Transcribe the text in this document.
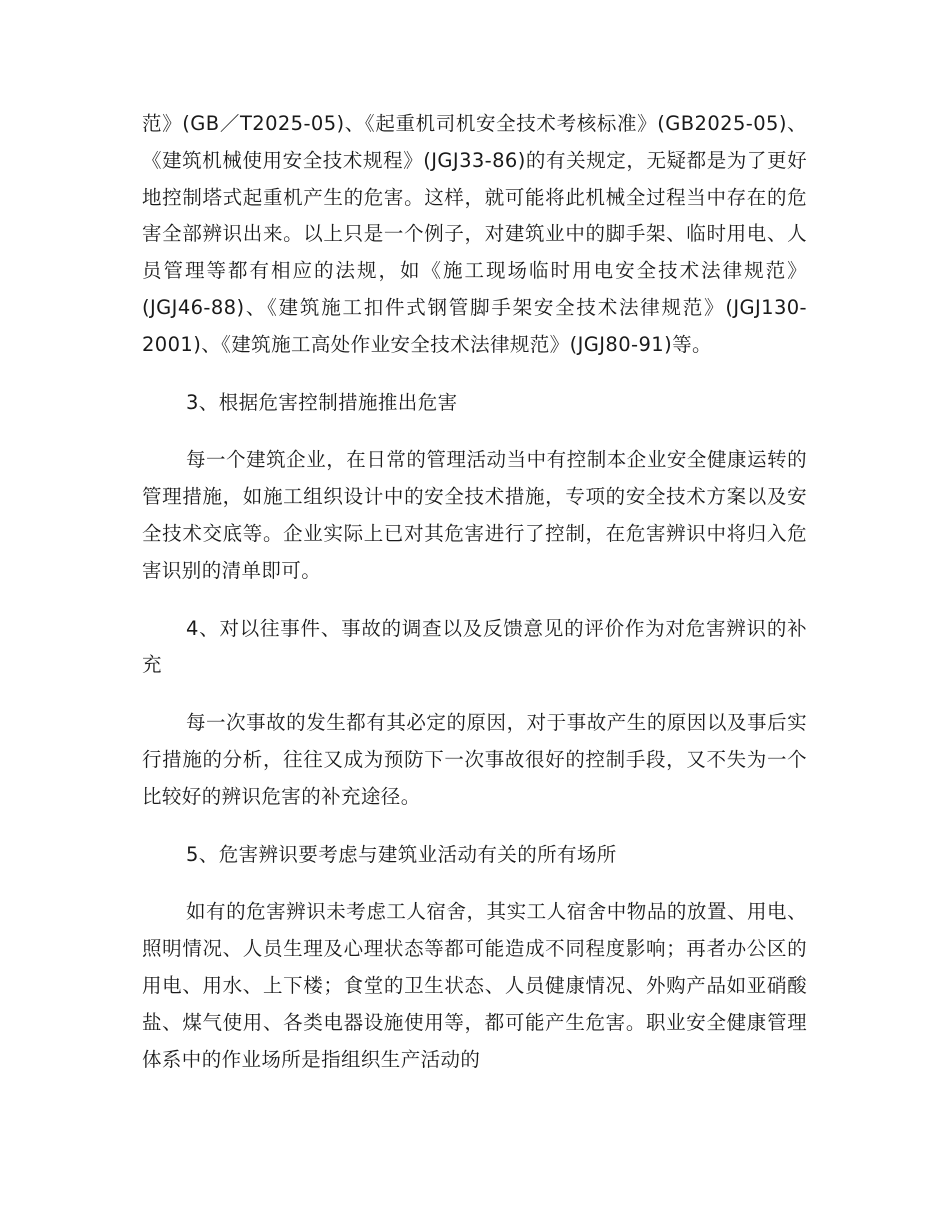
范》(GB／T2025-05)、《起重机司机安全技术考核标准》(GB2025-05)、《建筑机械使用安全技术规程》(JGJ33-86)的有关规定，无疑都是为了更好地控制塔式起重机产生的危害。这样，就可能将此机械全过程当中存在的危害全部辨识出来。以上只是一个例子，对建筑业中的脚手架、临时用电、人员管理等都有相应的法规，如《施工现场临时用电安全技术法律规范》(JGJ46-88)、《建筑施工扣件式钢管脚手架安全技术法律规范》(JGJ130-2001)、《建筑施工高处作业安全技术法律规范》(JGJ80-91)等。

3、根据危害控制措施推出危害

每一个建筑企业，在日常的管理活动当中有控制本企业安全健康运转的管理措施，如施工组织设计中的安全技术措施，专项的安全技术方案以及安全技术交底等。企业实际上已对其危害进行了控制，在危害辨识中将归入危害识别的清单即可。

4、对以往事件、事故的调查以及反馈意见的评价作为对危害辨识的补充

每一次事故的发生都有其必定的原因，对于事故产生的原因以及事后实行措施的分析，往往又成为预防下一次事故很好的控制手段，又不失为一个比较好的辨识危害的补充途径。

5、危害辨识要考虑与建筑业活动有关的所有场所

如有的危害辨识未考虑工人宿舍，其实工人宿舍中物品的放置、用电、照明情况、人员生理及心理状态等都可能造成不同程度影响；再者办公区的用电、用水、上下楼；食堂的卫生状态、人员健康情况、外购产品如亚硝酸盐、煤气使用、各类电器设施使用等，都可能产生危害。职业安全健康管理体系中的作业场所是指组织生产活动的
